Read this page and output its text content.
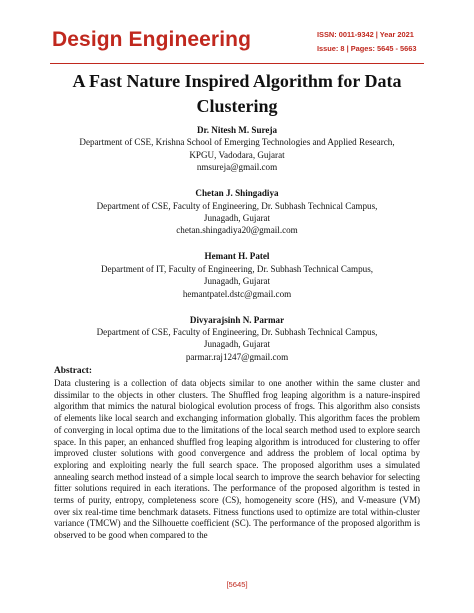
Design Engineering	ISSN: 0011-9342 | Year 2021
Issue: 8 | Pages: 5645 - 5663
A Fast Nature Inspired Algorithm for Data Clustering
Dr. Nitesh M. Sureja
Department of CSE, Krishna School of Emerging Technologies and Applied Research,
KPGU, Vadodara, Gujarat
nmsureja@gmail.com
Chetan J. Shingadiya
Department of CSE, Faculty of Engineering, Dr. Subhash Technical Campus,
Junagadh, Gujarat
chetan.shingadiya20@gmail.com
Hemant H. Patel
Department of IT, Faculty of Engineering, Dr. Subhash Technical Campus,
Junagadh, Gujarat
hemantpatel.dstc@gmail.com
Divyarajsinh N. Parmar
Department of CSE, Faculty of Engineering, Dr. Subhash Technical Campus,
Junagadh, Gujarat
parmar.raj1247@gmail.com
Abstract:

Data clustering is a collection of data objects similar to one another within the same cluster and dissimilar to the objects in other clusters. The Shuffled frog leaping algorithm is a nature-inspired algorithm that mimics the natural biological evolution process of frogs. This algorithm also consists of elements like local search and exchanging information globally. This algorithm faces the problem of converging in local optima due to the limitations of the local search method used to explore search space. In this paper, an enhanced shuffled frog leaping algorithm is introduced for clustering to offer improved cluster solutions with good convergence and address the problem of local optima by exploring and exploiting nearly the full search space. The proposed algorithm uses a simulated annealing search method instead of a simple local search to improve the search behavior for selecting fitter solutions required in each iterations. The performance of the proposed algorithm is tested in terms of purity, entropy, completeness score (CS), homogeneity score (HS), and V-measure (VM) over six real-time time benchmark datasets. Fitness functions used to optimize are total within-cluster variance (TMCW) and the Silhouette coefficient (SC). The performance of the proposed algorithm is observed to be good when compared to the

[5645]
